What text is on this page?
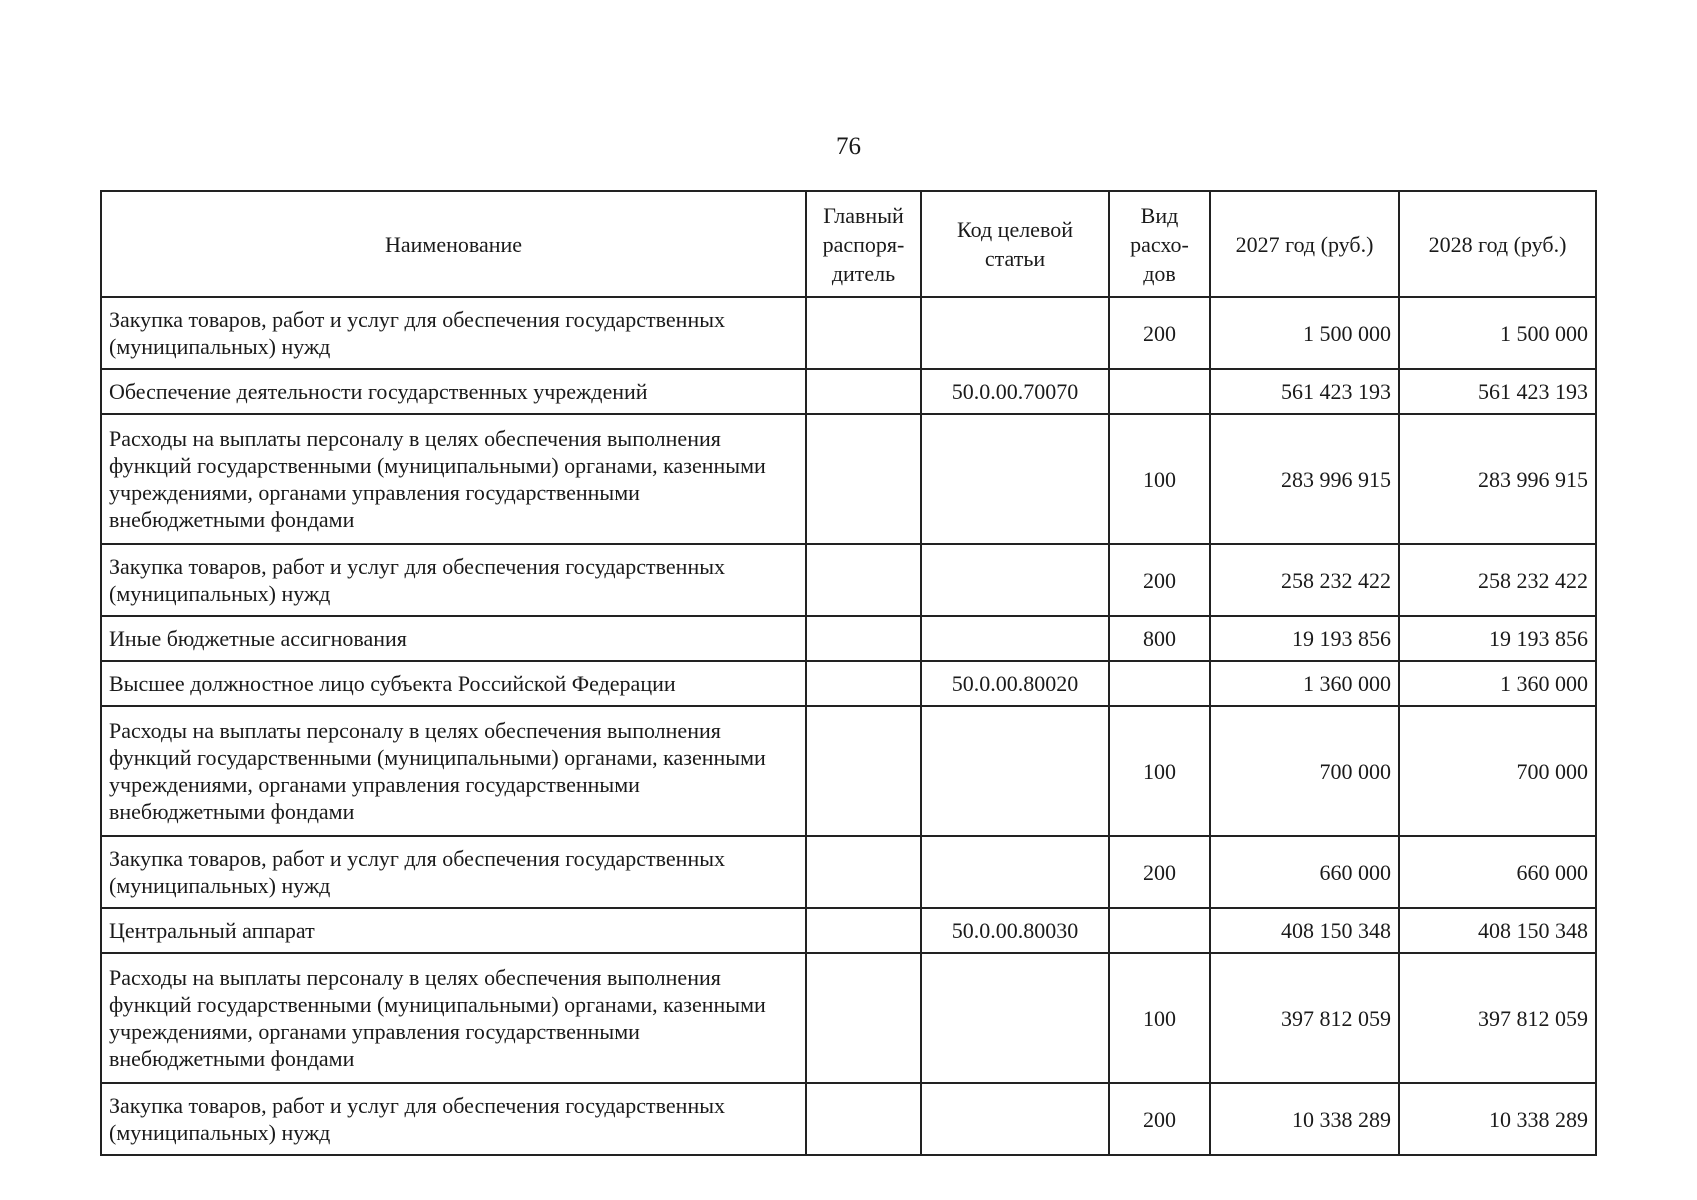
76
Наименование	Главный распоря-дитель	Код целевой статьи	Вид расхо-дов	2027 год (руб.)	2028 год (руб.)
Закупка товаров, работ и услуг для обеспечения государственных (муниципальных) нужд			200	1 500 000	1 500 000
Обеспечение деятельности государственных учреждений		50.0.00.70070		561 423 193	561 423 193
Расходы на выплаты персоналу в целях обеспечения выполнения функций государственными (муниципальными) органами, казенными учреждениями, органами управления государственными внебюджетными фондами			100	283 996 915	283 996 915
Закупка товаров, работ и услуг для обеспечения государственных (муниципальных) нужд			200	258 232 422	258 232 422
Иные бюджетные ассигнования			800	19 193 856	19 193 856
Высшее должностное лицо субъекта Российской Федерации		50.0.00.80020		1 360 000	1 360 000
Расходы на выплаты персоналу в целях обеспечения выполнения функций государственными (муниципальными) органами, казенными учреждениями, органами управления государственными внебюджетными фондами			100	700 000	700 000
Закупка товаров, работ и услуг для обеспечения государственных (муниципальных) нужд			200	660 000	660 000
Центральный аппарат		50.0.00.80030		408 150 348	408 150 348
Расходы на выплаты персоналу в целях обеспечения выполнения функций государственными (муниципальными) органами, казенными учреждениями, органами управления государственными внебюджетными фондами			100	397 812 059	397 812 059
Закупка товаров, работ и услуг для обеспечения государственных (муниципальных) нужд			200	10 338 289	10 338 289
